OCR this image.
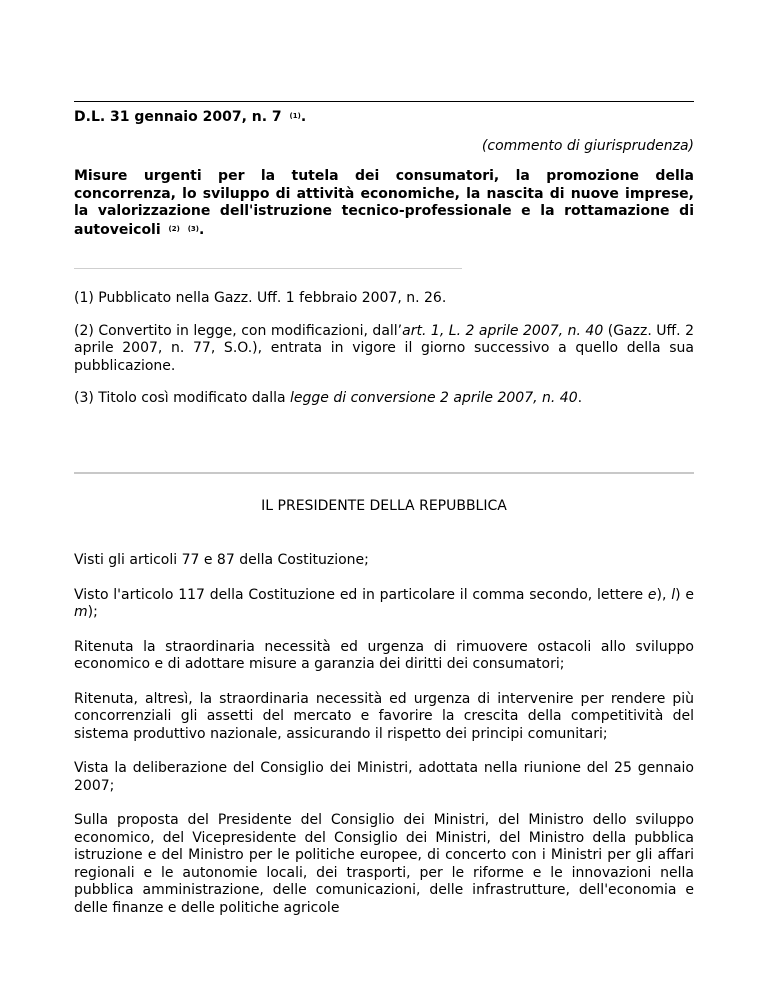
D.L. 31 gennaio 2007, n. 7 $^{(1)}$.
(commento di giurisprudenza)

Misure urgenti per la tutela dei consumatori, la promozione della concorrenza, lo sviluppo di attività economiche, la nascita di nuove imprese, la valorizzazione dell'istruzione tecnico-professionale e la rottamazione di autoveicoli $^{(2)}$ $^{(3)}$.

(1) Pubblicato nella Gazz. Uff. 1 febbraio 2007, n. 26.

(2) Convertito in legge, con modificazioni, dall’art. 1, L. 2 aprile 2007, n. 40 (Gazz. Uff. 2 aprile 2007, n. 77, S.O.), entrata in vigore il giorno successivo a quello della sua pubblicazione.

(3) Titolo così modificato dalla legge di conversione 2 aprile 2007, n. 40.

IL PRESIDENTE DELLA REPUBBLICA

Visti gli articoli 77 e 87 della Costituzione;

Visto l'articolo 117 della Costituzione ed in particolare il comma secondo, lettere e), l) e m);

Ritenuta la straordinaria necessità ed urgenza di rimuovere ostacoli allo sviluppo economico e di adottare misure a garanzia dei diritti dei consumatori;

Ritenuta, altresì, la straordinaria necessità ed urgenza di intervenire per rendere più concorrenziali gli assetti del mercato e favorire la crescita della competitività del sistema produttivo nazionale, assicurando il rispetto dei principi comunitari;

Vista la deliberazione del Consiglio dei Ministri, adottata nella riunione del 25 gennaio 2007;

Sulla proposta del Presidente del Consiglio dei Ministri, del Ministro dello sviluppo economico, del Vicepresidente del Consiglio dei Ministri, del Ministro della pubblica istruzione e del Ministro per le politiche europee, di concerto con i Ministri per gli affari regionali e le autonomie locali, dei trasporti, per le riforme e le innovazioni nella pubblica amministrazione, delle comunicazioni, delle infrastrutture, dell'economia e delle finanze e delle politiche agricole
